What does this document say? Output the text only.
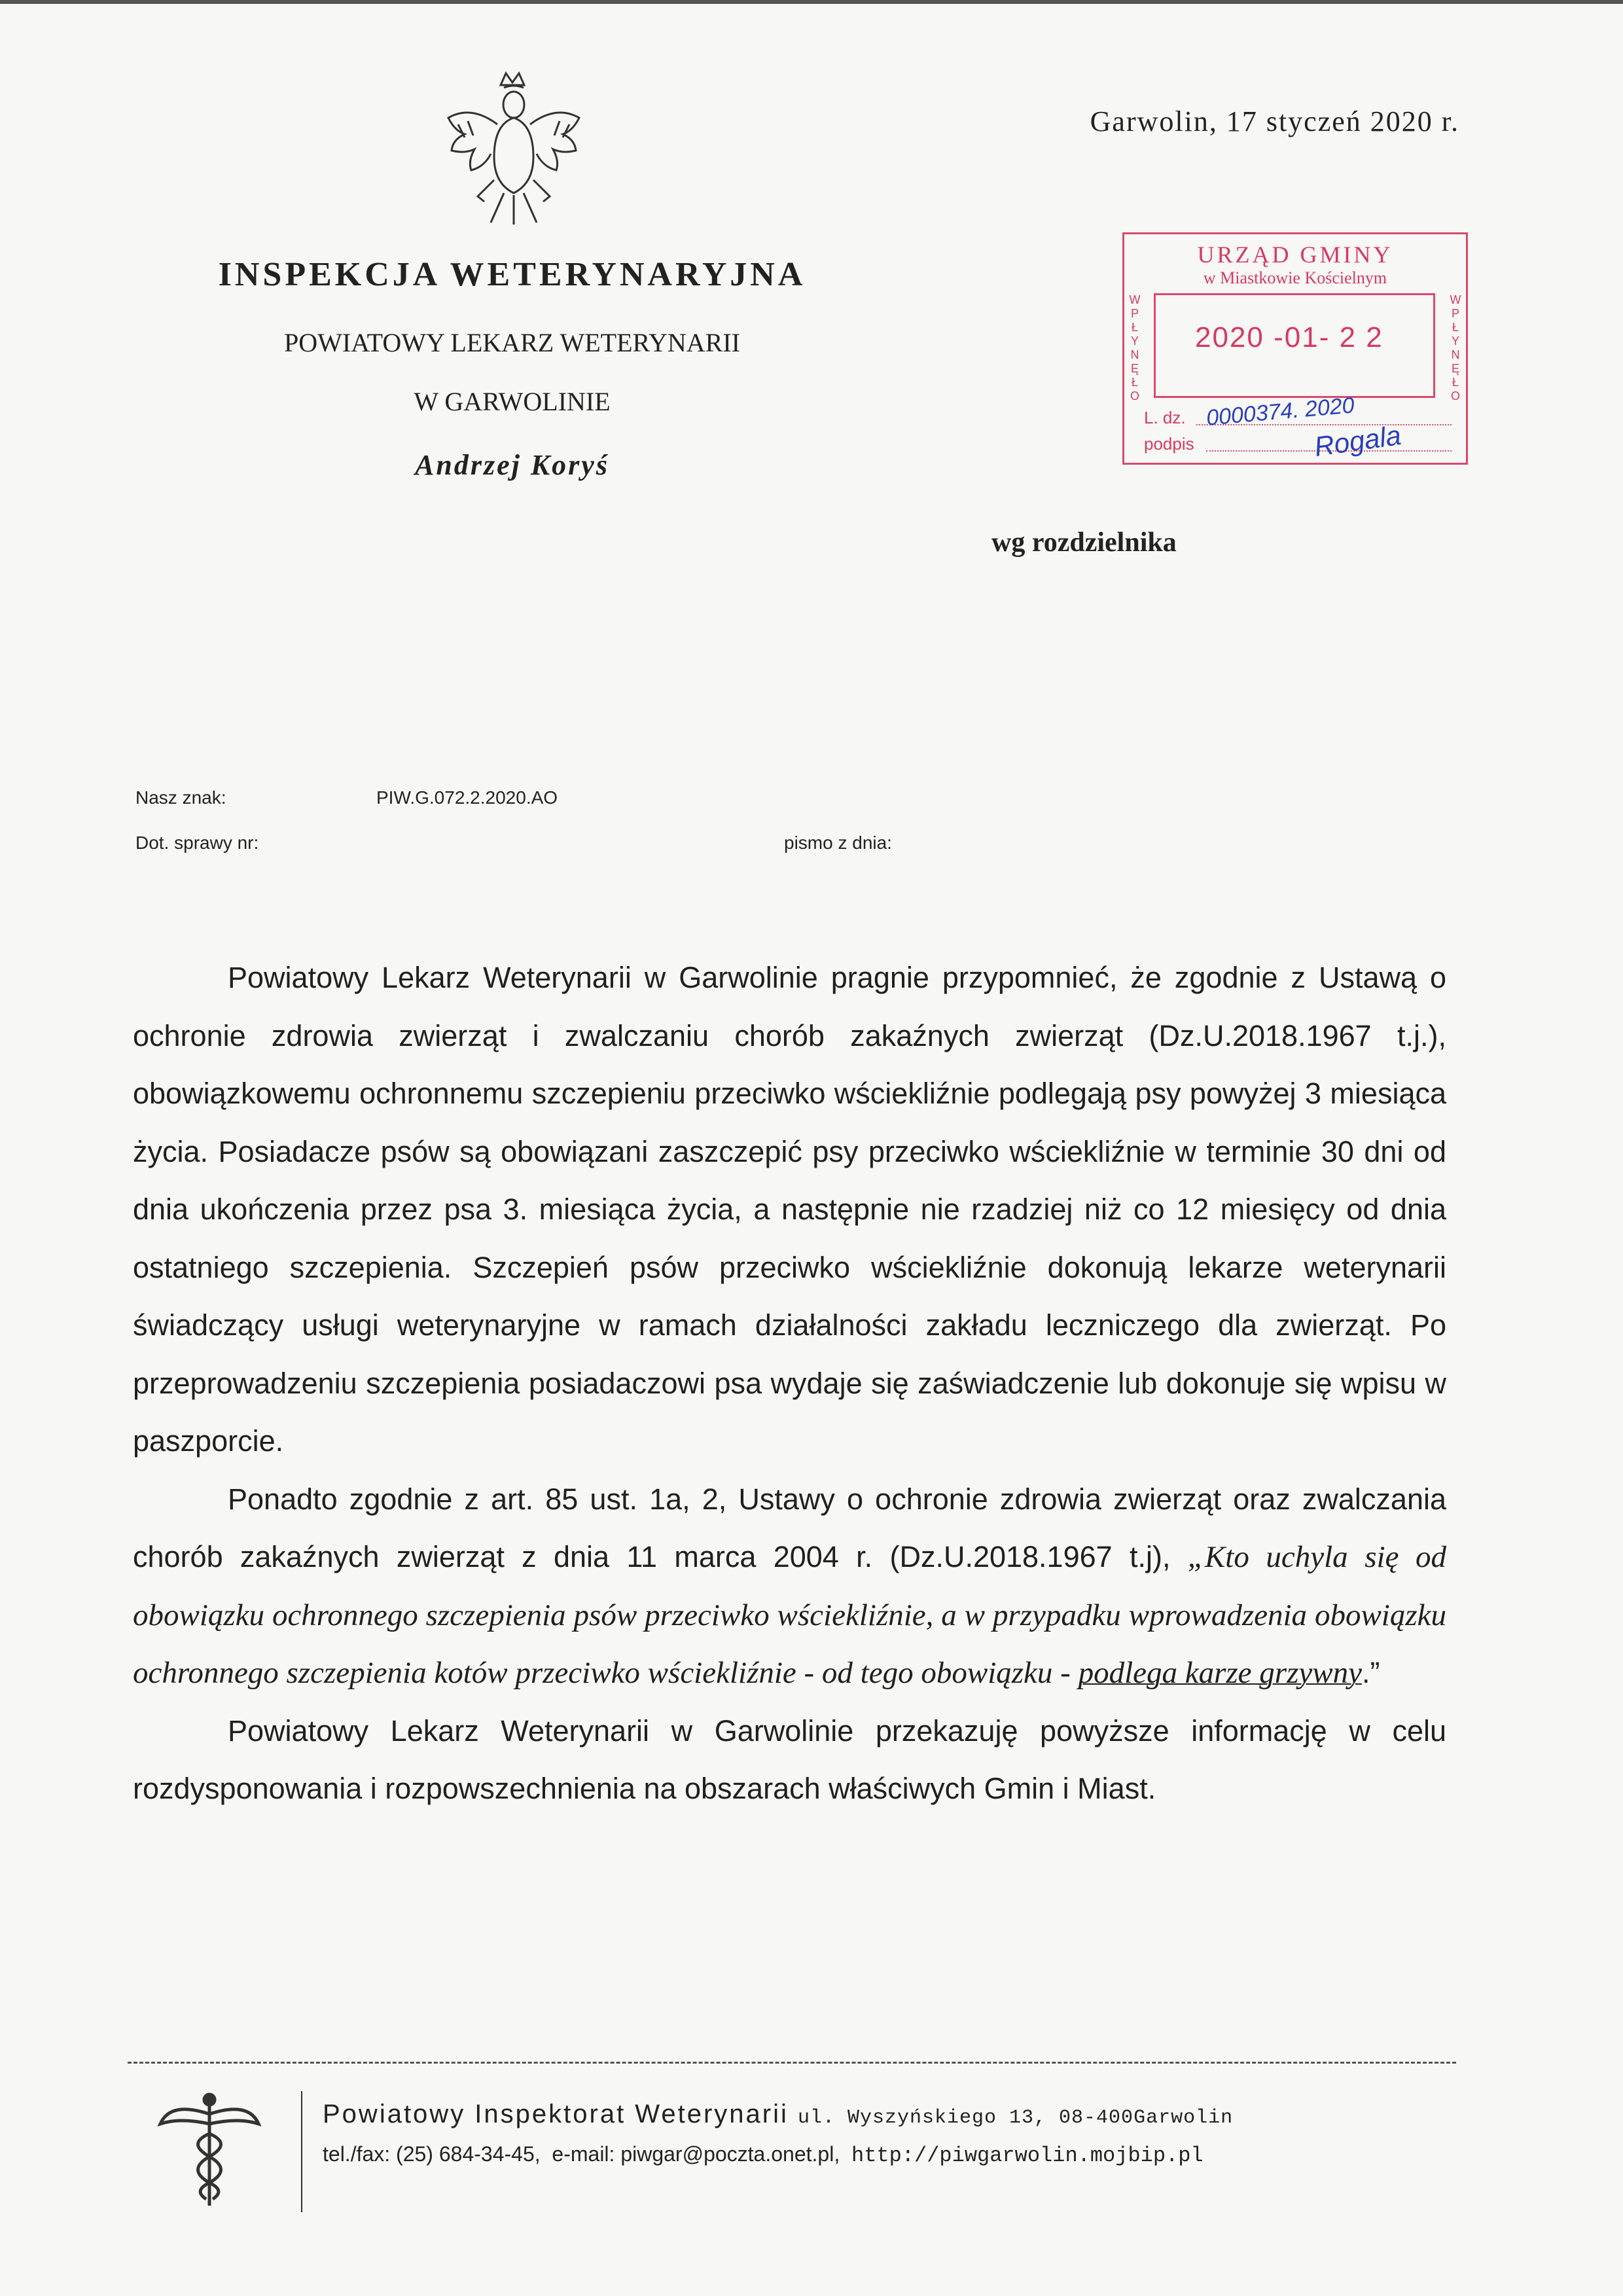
Garwolin, 17 styczeń 2020 r.
INSPEKCJA WETERYNARYJNA
POWIATOWY LEKARZ WETERYNARII
W GARWOLINIE
Andrzej Koryś
URZĄD GMINY
w Miastkowie Kościelnym
WPŁYNĘŁO
WPŁYNĘŁO
2020 -01- 2 2
L. dz. 0000374. 2020
podpis	Rogala
wg rozdzielnika
Nasz znak:	PIW.G.072.2.2020.AO
Dot. sprawy nr:	pismo z dnia:

Powiatowy Lekarz Weterynarii w Garwolinie pragnie przypomnieć, że zgodnie z Ustawą o ochronie zdrowia zwierząt i zwalczaniu chorób zakaźnych zwierząt (Dz.U.2018.1967 t.j.), obowiązkowemu ochronnemu szczepieniu przeciwko wściekliźnie podlegają psy powyżej 3 miesiąca życia. Posiadacze psów są obowiązani zaszczepić psy przeciwko wściekliźnie w terminie 30 dni od dnia ukończenia przez psa 3. miesiąca życia, a następnie nie rzadziej niż co 12 miesięcy od dnia ostatniego szczepienia. Szczepień psów przeciwko wściekliźnie dokonują lekarze weterynarii świadczący usługi weterynaryjne w ramach działalności zakładu leczniczego dla zwierząt. Po przeprowadzeniu szczepienia posiadaczowi psa wydaje się zaświadczenie lub dokonuje się wpisu w paszporcie.

Ponadto zgodnie z art. 85 ust. 1a, 2, Ustawy o ochronie zdrowia zwierząt oraz zwalczania chorób zakaźnych zwierząt z dnia 11 marca 2004 r. (Dz.U.2018.1967 t.j), „Kto uchyla się od obowiązku ochronnego szczepienia psów przeciwko wściekliźnie, a w przypadku wprowadzenia obowiązku ochronnego szczepienia kotów przeciwko wściekliźnie - od tego obowiązku - podlega karze grzywny.”

Powiatowy Lekarz Weterynarii w Garwolinie przekazuję powyższe informację w celu rozdysponowania i rozpowszechnienia na obszarach właściwych Gmin i Miast.

Powiatowy Inspektorat Weterynarii ul. Wyszyńskiego 13, 08-400Garwolin
tel./fax: (25) 684-34-45, e-mail: piwgar@poczta.onet.pl, http://piwgarwolin.mojbip.pl
